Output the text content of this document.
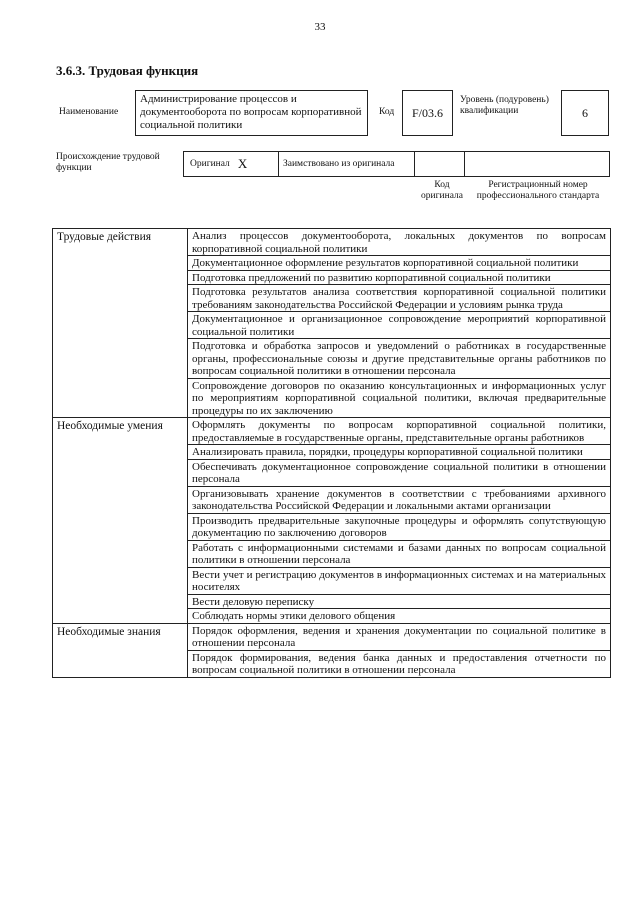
33
3.6.3. Трудовая функция
Наименование
Администрирование процессов и документооборота по вопросам корпоративной социальной политики
Код F/03.6
Уровень (подуровень) квалификации	6
Происхождение трудовой функции	Оригинал X	Заимствовано из оригинала
Код оригинала
Регистрационный номер профессионального стандарта
Трудовые действия	Анализ процессов документооборота, локальных документов по вопросам корпоративной социальной политики
	Документационное оформление результатов корпоративной социальной политики
	Подготовка предложений по развитию корпоративной социальной политики
	Подготовка результатов анализа соответствия корпоративной социальной политики требованиям законодательства Российской Федерации и условиям рынка труда
	Документационное и организационное сопровождение мероприятий корпоративной социальной политики
	Подготовка и обработка запросов и уведомлений о работниках в государственные органы, профессиональные союзы и другие представительные органы работников по вопросам социальной политики в отношении персонала
	Сопровождение договоров по оказанию консультационных и информационных услуг по мероприятиям корпоративной социальной политики, включая предварительные процедуры по их заключению
Необходимые умения	Оформлять документы по вопросам корпоративной социальной политики, предоставляемые в государственные органы, представительные органы работников
	Анализировать правила, порядки, процедуры корпоративной социальной политики
	Обеспечивать документационное сопровождение социальной политики в отношении персонала
	Организовывать хранение документов в соответствии с требованиями архивного законодательства Российской Федерации и локальными актами организации
	Производить предварительные закупочные процедуры и оформлять сопутствующую документацию по заключению договоров
	Работать с информационными системами и базами данных по вопросам социальной политики в отношении персонала
	Вести учет и регистрацию документов в информационных системах и на материальных носителях
	Вести деловую переписку
	Соблюдать нормы этики делового общения
Необходимые знания	Порядок оформления, ведения и хранения документации по социальной политике в отношении персонала
	Порядок формирования, ведения банка данных и предоставления отчетности по вопросам социальной политики в отношении персонала
